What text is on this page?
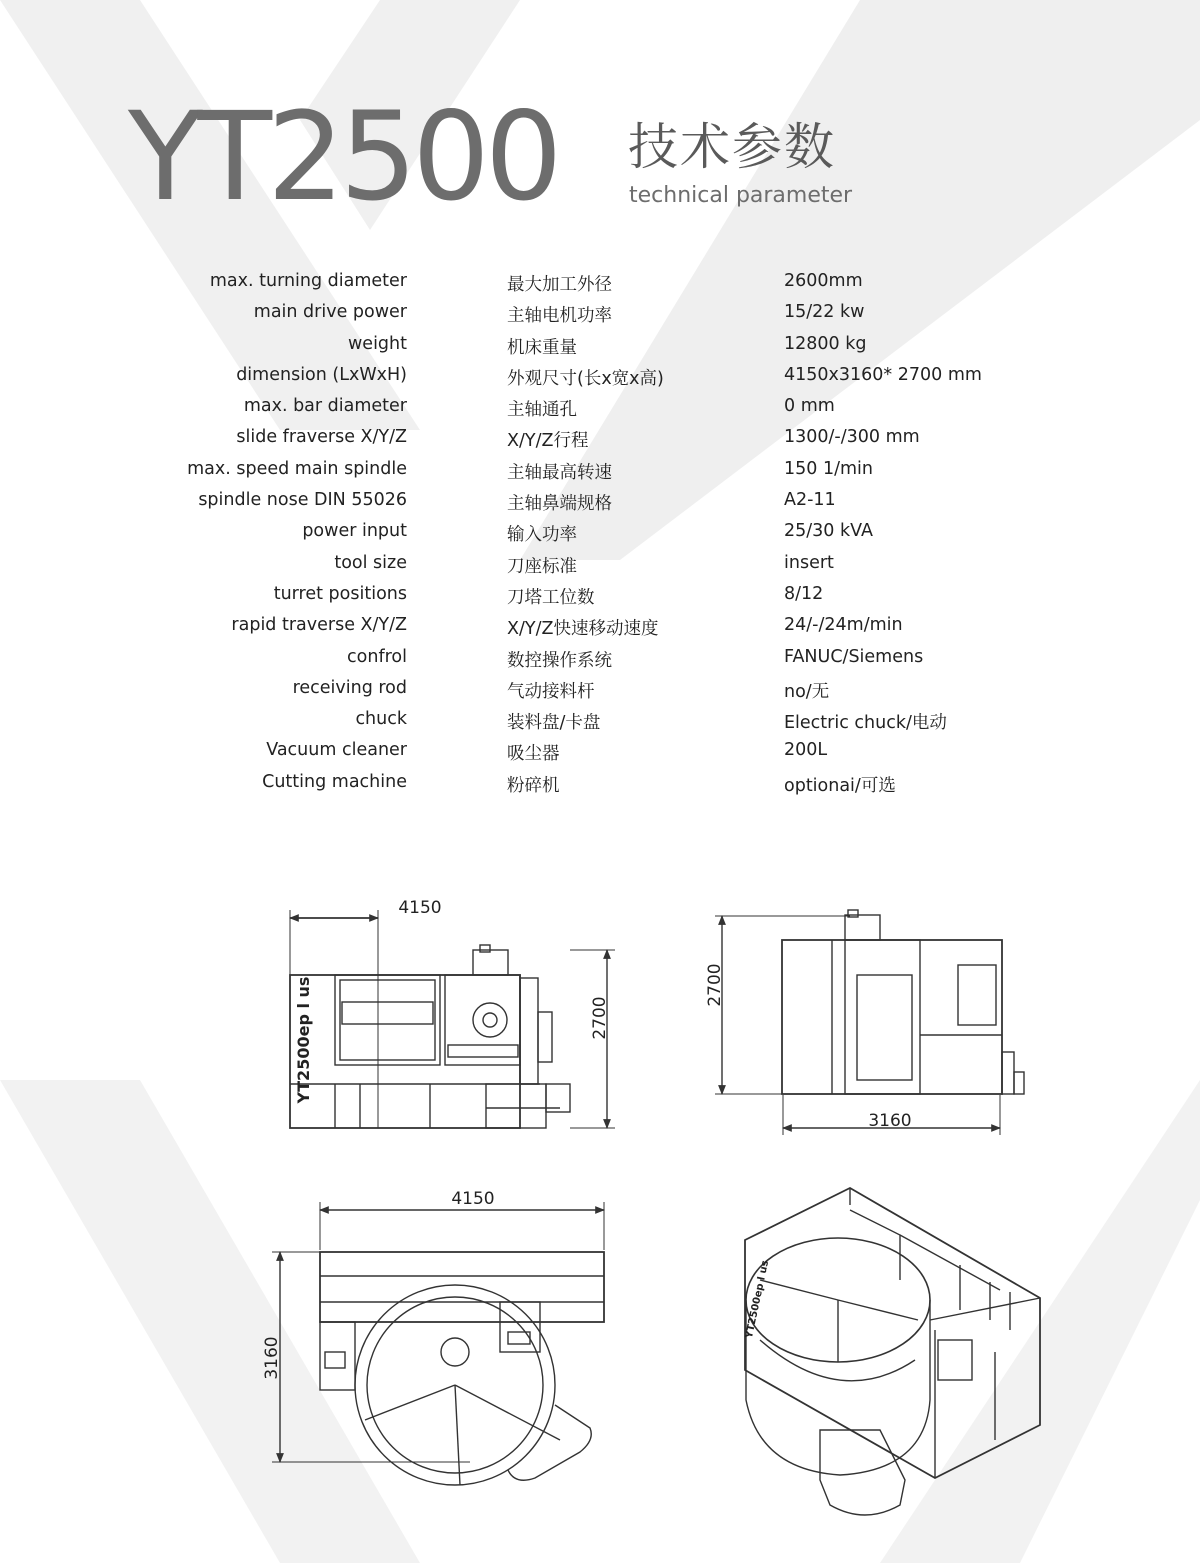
YT2500 技术参数
technical parameter
max. turning diameter	最大加工外径	2600mm
main drive power	主轴电机功率	15/22 kw
weight	机床重量	12800 kg
dimension (LxWxH)	外观尺寸(长x宽x高)	4150x3160* 2700 mm
max. bar diameter	主轴通孔	0 mm
slide fraverse X/Y/Z	X/Y/Z行程	1300/-/300 mm
max. speed main spindle	主轴最高转速	150 1/min
spindle nose DIN 55026	主轴鼻端规格	A2-11
power input	输入功率	25/30 kVA
tool size	刀座标准	insert
turret positions	刀塔工位数	8/12
rapid traverse X/Y/Z	X/Y/Z快速移动速度	24/-/24m/min
confrol	数控操作系统	FANUC/Siemens
receiving rod	气动接料杆	no/无
chuck	装料盘/卡盘	Electric chuck/电动
Vacuum cleaner	吸尘器	200L
Cutting machine	粉碎机	optionai/可选
4150
2700
YT2500ep l us
3160
2700
4150
3160
YT2500ep l us
